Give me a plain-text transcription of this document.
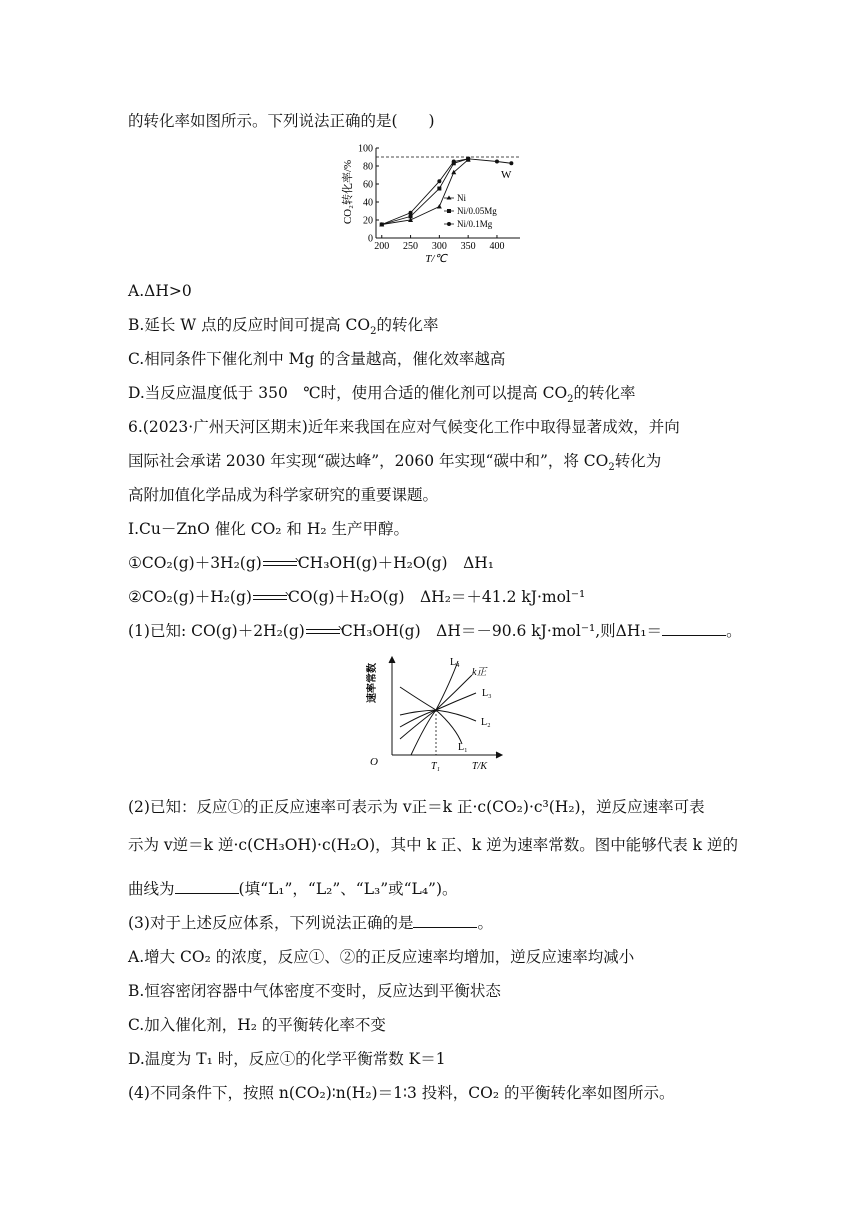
的转化率如图所示。下列说法正确的是(　　)
CO₂转化率/%
T/℃
0
20
40
60
80
100
200 250 300 350 400
W
Ni
Ni/0.05Mg
Ni/0.1Mg
A.ΔH>0
B.延长 W 点的反应时间可提高 $CO_2$的转化率
C.相同条件下催化剂中 Mg 的含量越高，催化效率越高
D.当反应温度低于 350　℃时，使用合适的催化剂可以提高 $CO_2$的转化率
6.(2023·广州天河区期末)近年来我国在应对气候变化工作中取得显著成效，并向
国际社会承诺 2030 年实现“碳达峰”，2060 年实现“碳中和”，将 $CO_2$转化为
高附加值化学品成为科学家研究的重要课题。
Ⅰ.Cu－ZnO 催化 CO₂ 和 H₂ 生产甲醇。
①CO₂(g)＋3H₂(g) CH₃OH(g)＋H₂O(g)　ΔH₁
②CO₂(g)＋H₂(g) CO(g)＋H₂O(g)　ΔH₂＝＋41.2 kJ·mol⁻¹
(1)已知: CO(g)＋2H₂(g) CH₃OH(g)　ΔH＝－90.6 kJ·mol⁻¹,则ΔH₁＝	。
速率常数
O	T₁	T/K
L₄
k正
L₃
L₂
L₁
(2)已知：反应①的正反应速率可表示为 v正＝k 正·c(CO₂)·c³(H₂)，逆反应速率可表
示为 v逆＝k 逆·c(CH₃OH)·c(H₂O)，其中 k 正、k 逆为速率常数。图中能够代表 k 逆的
曲线为	(填“L₁”，“L₂”、“L₃”或“L₄”)。
(3)对于上述反应体系，下列说法正确的是	。
A.增大 CO₂ 的浓度，反应①、②的正反应速率均增加，逆反应速率均减小
B.恒容密闭容器中气体密度不变时，反应达到平衡状态
C.加入催化剂，H₂ 的平衡转化率不变
D.温度为 T₁ 时，反应①的化学平衡常数 K＝1
(4)不同条件下，按照 n(CO₂)∶n(H₂)＝1∶3 投料，CO₂ 的平衡转化率如图所示。
